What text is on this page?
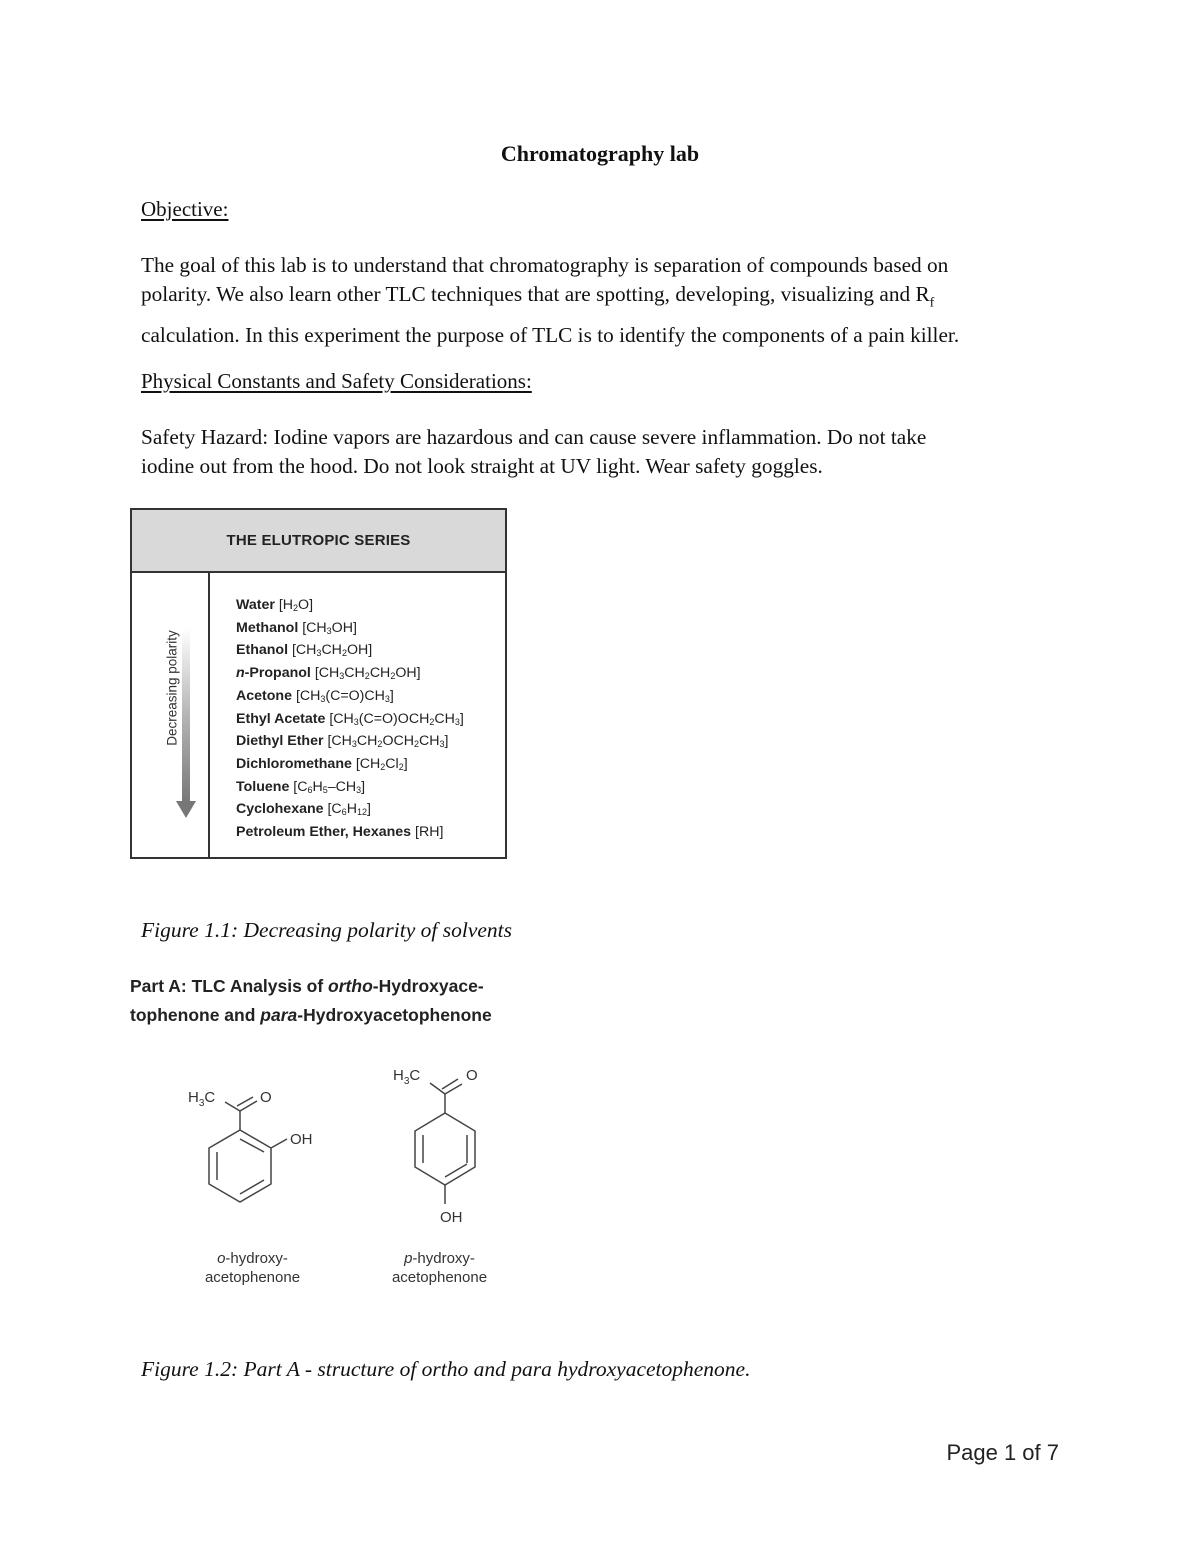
Chromatography lab
Objective:
The goal of this lab is to understand that chromatography is separation of compounds based on
polarity. We also learn other TLC techniques that are spotting, developing, visualizing and $R_f$
calculation. In this experiment the purpose of TLC is to identify the components of a pain killer.
Physical Constants and Safety Considerations:
Safety Hazard: Iodine vapors are hazardous and can cause severe inflammation. Do not take
iodine out from the hood. Do not look straight at UV light. Wear safety goggles.
THE ELUTROPIC SERIES
Decreasing polarity
Water $[H_2O]$
Methanol $[CH_3OH]$
Ethanol $[CH_3CH_2OH]$
n-Propanol $[CH_3CH_2CH_2OH]$
Acetone $[CH_3(C=O)CH_3]$
Ethyl Acetate $[CH_3(C=O)OCH_2CH_3]$
Diethyl Ether $[CH_3CH_2OCH_2CH_3]$
Dichloromethane $[CH_2Cl_2]$
Toluene $[C_6H_5-CH_3]$
Cyclohexane $[C_6H_{12}]$
Petroleum Ether, Hexanes [RH]
Figure 1.1: Decreasing polarity of solvents
Part A: TLC Analysis of ortho-Hydroxyace-
tophenone and para-Hydroxyacetophenone
$H_3C$	O
OH
o-hydroxy-
acetophenone
$H_3C$	O
OH
p-hydroxy-
acetophenone
Figure 1.2: Part A - structure of ortho and para hydroxyacetophenone.
Page 1 of 7
